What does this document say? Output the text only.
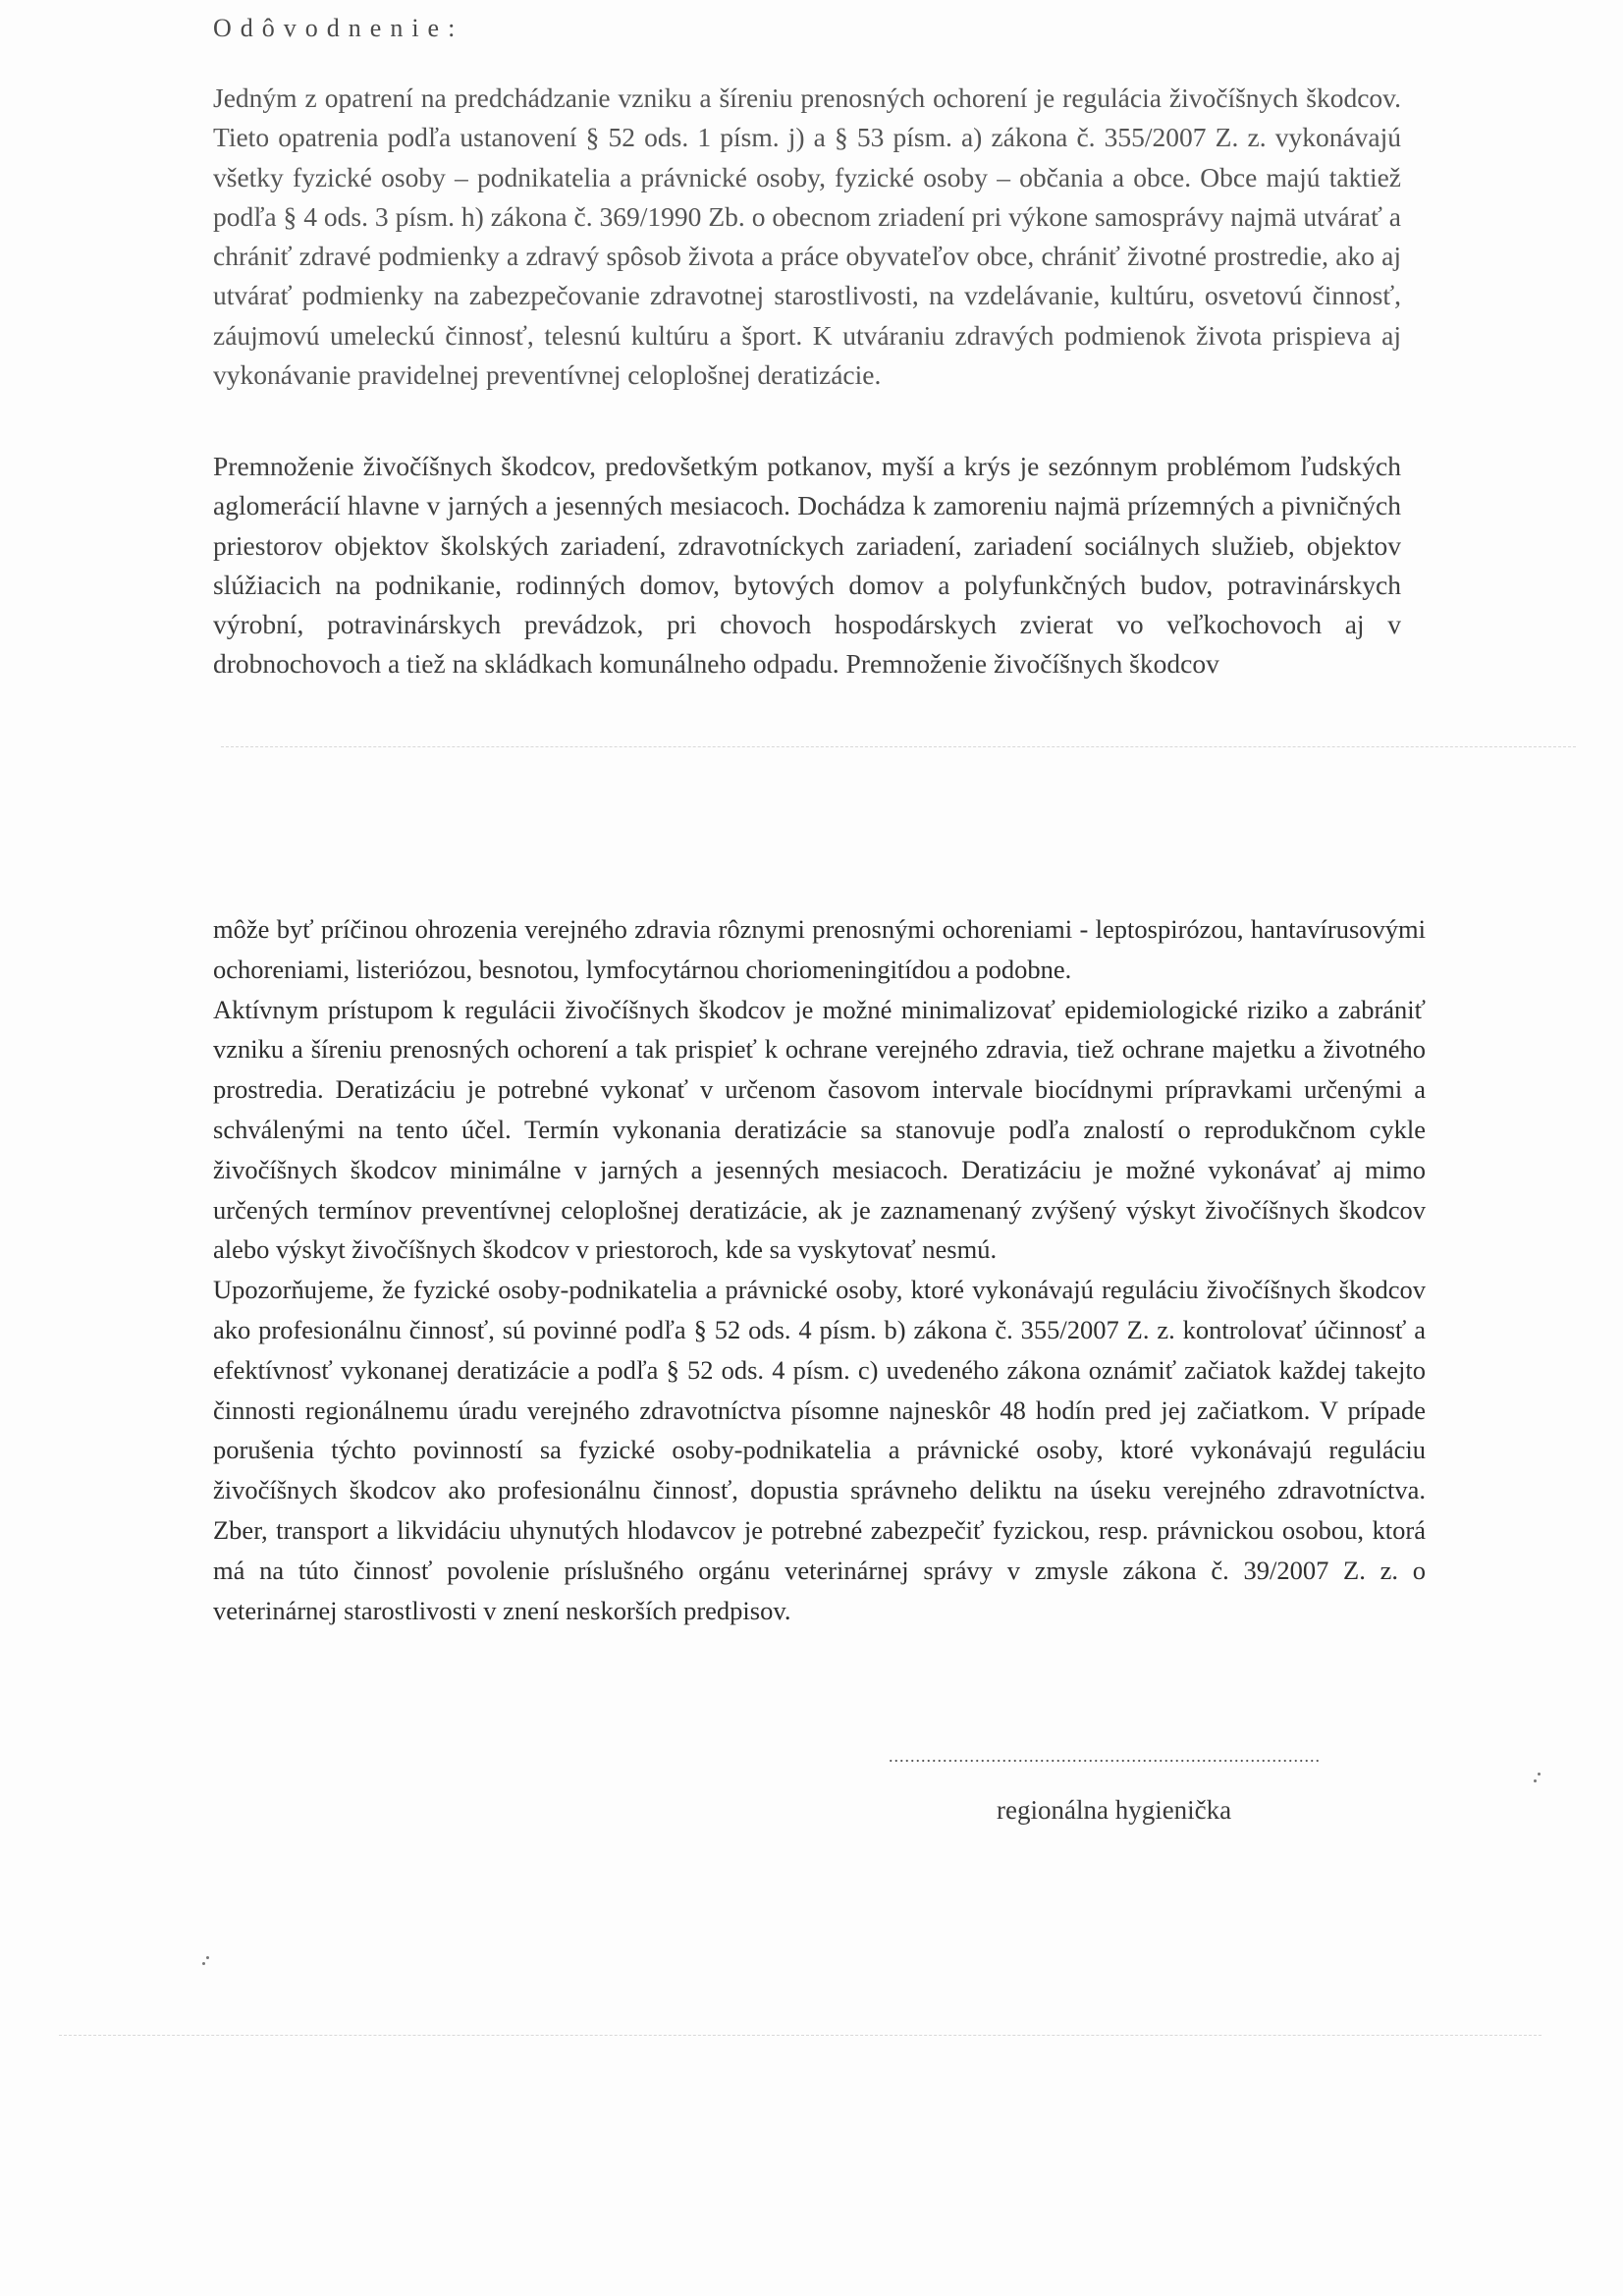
Odôvodnenie:

Jedným z opatrení na predchádzanie vzniku a šíreniu prenosných ochorení je regulácia živočíšnych škodcov. Tieto opatrenia podľa ustanovení § 52 ods. 1 písm. j) a § 53 písm. a) zákona č. 355/2007 Z. z. vykonávajú všetky fyzické osoby – podnikatelia a právnické osoby, fyzické osoby – občania a obce. Obce majú taktiež podľa § 4 ods. 3 písm. h) zákona č. 369/1990 Zb. o obecnom zriadení pri výkone samosprávy najmä utvárať a chrániť zdravé podmienky a zdravý spôsob života a práce obyvateľov obce, chrániť životné prostredie, ako aj utvárať podmienky na zabezpečovanie zdravotnej starostlivosti, na vzdelávanie, kultúru, osvetovú činnosť, záujmovú umeleckú činnosť, telesnú kultúru a šport. K utváraniu zdravých podmienok života prispieva aj vykonávanie pravidelnej preventívnej celoplošnej deratizácie.

Premnoženie živočíšnych škodcov, predovšetkým potkanov, myší a krýs je sezónnym problémom ľudských aglomerácií hlavne v jarných a jesenných mesiacoch. Dochádza k zamoreniu najmä prízemných a pivničných priestorov objektov školských zariadení, zdravotníckych zariadení, zariadení sociálnych služieb, objektov slúžiacich na podnikanie, rodinných domov, bytových domov a polyfunkčných budov, potravinárskych výrobní, potravinárskych prevádzok, pri chovoch hospodárskych zvierat vo veľkochovoch aj v drobnochovoch a tiež na skládkach komunálneho odpadu. Premnoženie živočíšnych škodcov

môže byť príčinou ohrozenia verejného zdravia rôznymi prenosnými ochoreniami - leptospirózou, hantavírusovými ochoreniami, listeriózou, besnotou, lymfocytárnou choriomeningitídou a podobne.

Aktívnym prístupom k regulácii živočíšnych škodcov je možné minimalizovať epidemiologické riziko a zabrániť vzniku a šíreniu prenosných ochorení a tak prispieť k ochrane verejného zdravia, tiež ochrane majetku a životného prostredia. Deratizáciu je potrebné vykonať v určenom časovom intervale biocídnymi prípravkami určenými a schválenými na tento účel. Termín vykonania deratizácie sa stanovuje podľa znalostí o reprodukčnom cykle živočíšnych škodcov minimálne v jarných a jesenných mesiacoch. Deratizáciu je možné vykonávať aj mimo určených termínov preventívnej celoplošnej deratizácie, ak je zaznamenaný zvýšený výskyt živočíšnych škodcov alebo výskyt živočíšnych škodcov v priestoroch, kde sa vyskytovať nesmú.

Upozorňujeme, že fyzické osoby-podnikatelia a právnické osoby, ktoré vykonávajú reguláciu živočíšnych škodcov ako profesionálnu činnosť, sú povinné podľa § 52 ods. 4 písm. b) zákona č. 355/2007 Z. z. kontrolovať účinnosť a efektívnosť vykonanej deratizácie a podľa § 52 ods. 4 písm. c) uvedeného zákona oznámiť začiatok každej takejto činnosti regionálnemu úradu verejného zdravotníctva písomne najneskôr 48 hodín pred jej začiatkom. V prípade porušenia týchto povinností sa fyzické osoby-podnikatelia a právnické osoby, ktoré vykonávajú reguláciu živočíšnych škodcov ako profesionálnu činnosť, dopustia správneho deliktu na úseku verejného zdravotníctva. Zber, transport a likvidáciu uhynutých hlodavcov je potrebné zabezpečiť fyzickou, resp. právnickou osobou, ktorá má na túto činnosť povolenie príslušného orgánu veterinárnej správy v zmysle zákona č. 39/2007 Z. z. o veterinárnej starostlivosti v znení neskorších predpisov.

................................................................................
regionálna hygienička
